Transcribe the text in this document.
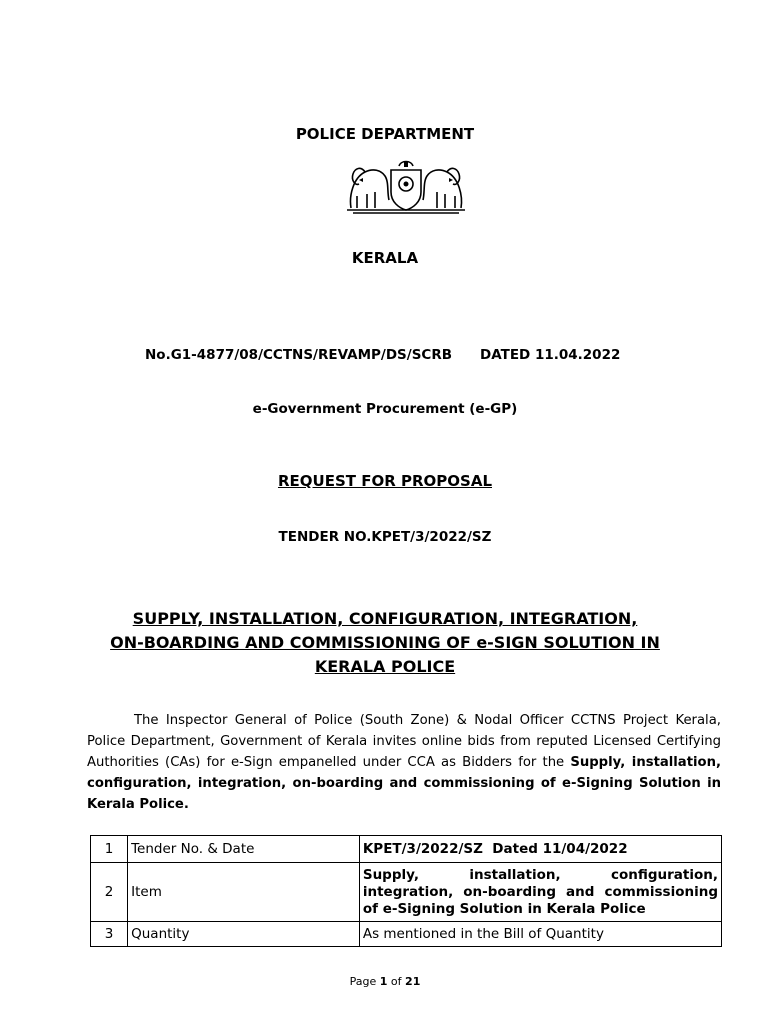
POLICE DEPARTMENT
KERALA
No.G1-4877/08/CCTNS/REVAMP/DS/SCRB DATED 11.04.2022
e-Government Procurement (e-GP)
REQUEST FOR PROPOSAL
TENDER NO.KPET/3/2022/SZ
SUPPLY, INSTALLATION, CONFIGURATION, INTEGRATION,
ON-BOARDING AND COMMISSIONING OF e-SIGN SOLUTION IN
KERALA POLICE

The Inspector General of Police (South Zone) & Nodal Officer CCTNS Project Kerala, Police Department, Government of Kerala invites online bids from reputed Licensed Certifying Authorities (CAs) for e-Sign empanelled under CCA as Bidders for the Supply, installation, configuration, integration, on-boarding and commissioning of e-Signing Solution in Kerala Police.

1	Tender No. & Date	KPET/3/2022/SZ  Dated 11/04/2022
2	Item	Supply, installation, configuration, integration, on-boarding and commissioning of e-Signing Solution in Kerala Police
3	Quantity	As mentioned in the Bill of Quantity
Page 1 of 21
